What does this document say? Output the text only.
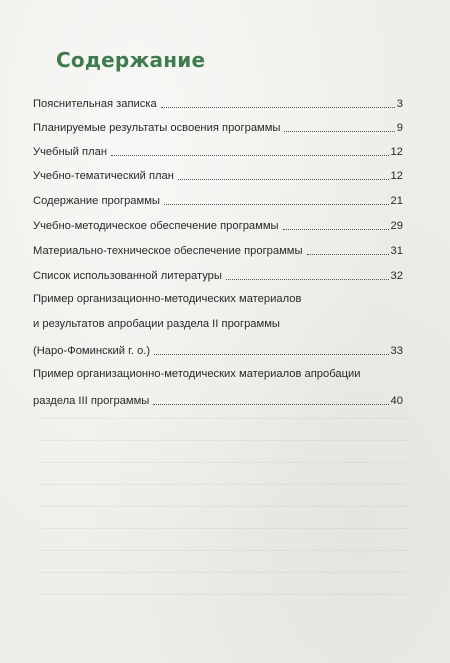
Содержание
Пояснительная записка	3
Планируемые результаты освоения программы	9
Учебный план	12
Учебно-тематический план	12
Содержание программы	21
Учебно-методическое обеспечение программы	29
Материально-техническое обеспечение программы	31
Список использованной литературы	32
Пример организационно-методических материалов
и результатов апробации раздела II программы
(Наро-Фоминский г. о.)	33
Пример организационно-методических материалов апробации
раздела III программы	40
